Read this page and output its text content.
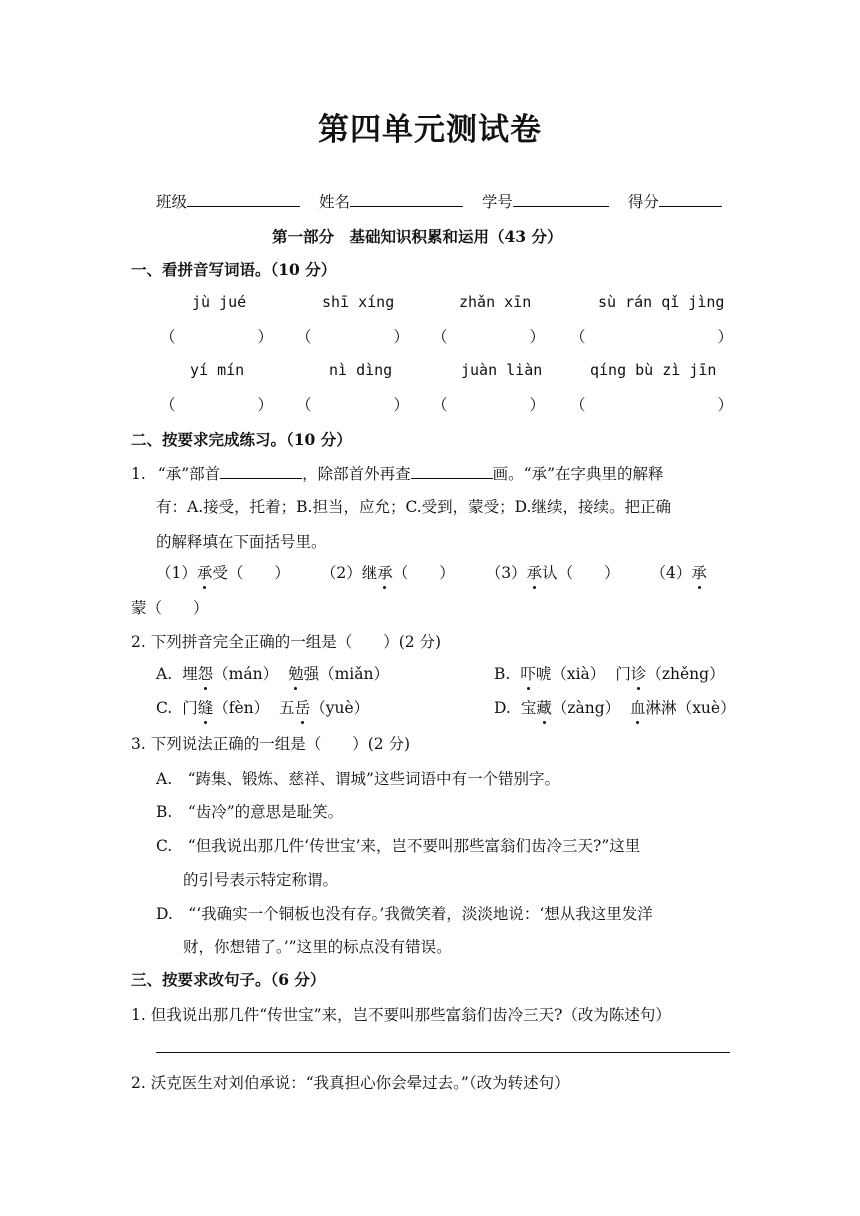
第四单元测试卷
班级	姓名	学号	得分
第一部分　基础知识积累和运用（43 分）
一、看拼音写词语。（10 分）
jù jué	shī xíng	zhǎn xīn	sù rán qǐ jìng
（	） （	） （	） （	）
yí mín	nì dìng	juàn liàn	qíng bù zì jīn
（	） （	） （	） （	）
二、按要求完成练习。（10 分）
1. “承”部首	，除部首外再查	画。“承”在字典里的解释
有：A.接受，托着；B.担当，应允；C.受到，蒙受；D.继续，接续。把正确
的解释填在下面括号里。
（1）承受（　　） （2）继承（　　） （3）承认（　　） （4）承
蒙（　　）
2. 下列拼音完全正确的一组是（　　）(2 分)
A. 埋怨（mán） 勉强（miǎn）	B. 吓唬（xià） 门诊（zhěng）
C. 门缝（fèn） 五岳（yuè）	D. 宝藏（zàng） 血淋淋（xuè）
3. 下列说法正确的一组是（　　）(2 分)
A.　“踌集、锻炼、慈祥、谓城”这些词语中有一个错别字。
B.　“齿冷”的意思是耻笑。
C.　“但我说出那几件‘传世宝’来，岂不要叫那些富翁们齿冷三天?”这里
的引号表示特定称谓。
D.　“‘我确实一个铜板也没有存。’我微笑着，淡淡地说：‘想从我这里发洋
财，你想错了。’”这里的标点没有错误。
三、按要求改句子。（6 分）
1. 但我说出那几件“传世宝”来，岂不要叫那些富翁们齿冷三天?（改为陈述句）
2. 沃克医生对刘伯承说：“我真担心你会晕过去。”（改为转述句）
